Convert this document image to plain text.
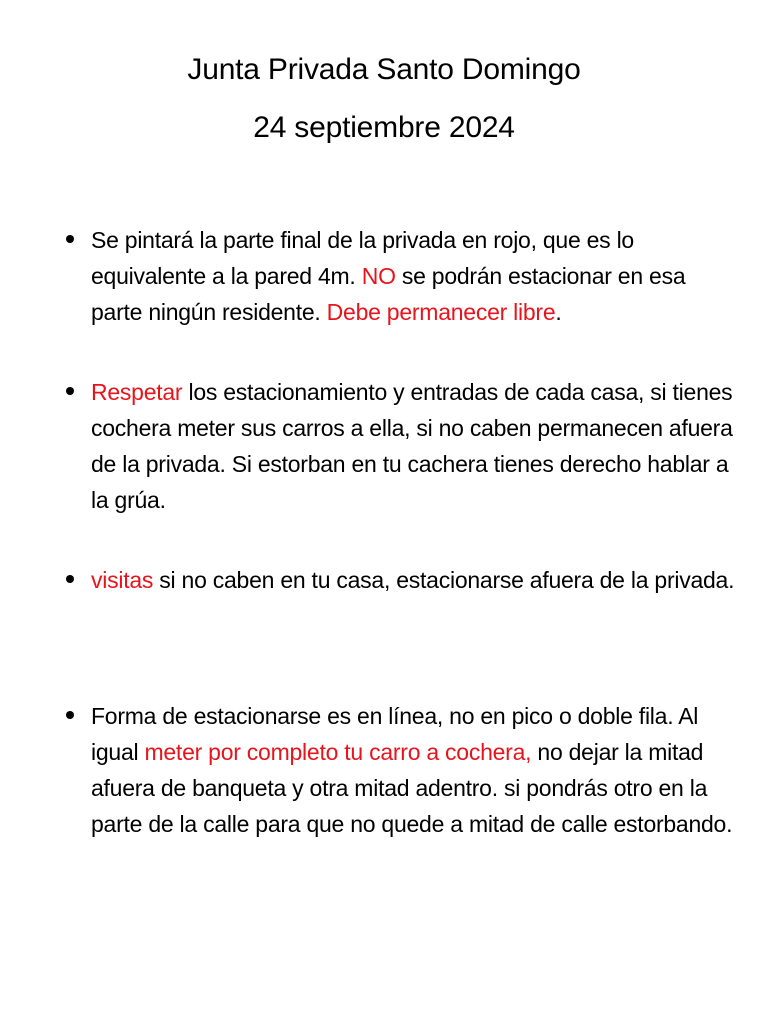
Junta Privada Santo Domingo
24 septiembre 2024
Se pintará la parte final de la privada en rojo, que es lo equivalente a la pared 4m. NO se podrán estacionar en esa parte ningún residente. Debe permanecer libre.
Respetar los estacionamiento y entradas de cada casa, si tienes cochera meter sus carros a ella, si no caben permanecen afuera de la privada. Si estorban en tu cachera tienes derecho hablar a la grúa.
visitas si no caben en tu casa, estacionarse afuera de la privada.
Forma de estacionarse es en línea, no en pico o doble fila. Al igual meter por completo tu carro a cochera, no dejar la mitad afuera de banqueta y otra mitad adentro. si pondrás otro en la parte de la calle para que no quede a mitad de calle estorbando.
